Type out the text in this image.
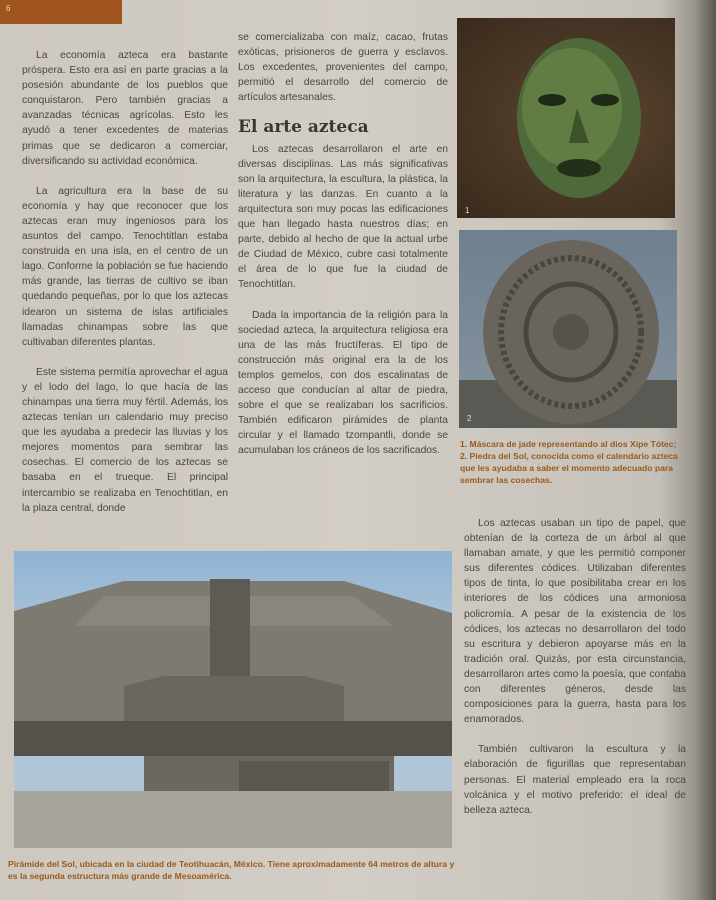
6

La economía azteca era bastante próspera. Esto era así en parte gracias a la posesión abundante de los pueblos que conquistaron. Pero también gracias a avanzadas técnicas agrícolas. Esto les ayudó a tener excedentes de materias primas que se dedicaron a comerciar, diversificando su actividad económica.

La agricultura era la base de su economía y hay que reconocer que los aztecas eran muy ingeniosos para los asuntos del campo. Tenochtitlan estaba construida en una isla, en el centro de un lago. Conforme la población se fue haciendo más grande, las tierras de cultivo se iban quedando pequeñas, por lo que los aztecas idearon un sistema de islas artificiales llamadas chinampas sobre las que cultivaban diferentes plantas.

Este sistema permitía aprovechar el agua y el lodo del lago, lo que hacía de las chinampas una tierra muy fértil. Además, los aztecas tenían un calendario muy preciso que les ayudaba a predecir las lluvias y los mejores momentos para sembrar las cosechas. El comercio de los aztecas se basaba en el trueque. El principal intercambio se realizaba en Tenochtitlan, en la plaza central, donde

se comercializaba con maíz, cacao, frutas exóticas, prisioneros de guerra y esclavos. Los excedentes, provenientes del campo, permitió el desarrollo del comercio de artículos artesanales.

El arte azteca

Los aztecas desarrollaron el arte en diversas disciplinas. Las más significativas son la arquitectura, la escultura, la plástica, la literatura y las danzas. En cuanto a la arquitectura son muy pocas las edificaciones que han llegado hasta nuestros días; en parte, debido al hecho de que la actual urbe de Ciudad de México, cubre casi totalmente el área de lo que fue la ciudad de Tenochtitlan.

Dada la importancia de la religión para la sociedad azteca, la arquitectura religiosa era una de las más fructíferas. El tipo de construcción más original era la de los templos gemelos, con dos escalinatas de acceso que conducían al altar de piedra, sobre el que se realizaban los sacrificios. También edificaron pirámides de planta circular y el llamado tzompantli, donde se acumulaban los cráneos de los sacrificados.

1
2
1. Máscara de jade representando al dios Xipe Tótec; 2. Piedra del Sol, conocida como el calendario azteca que les ayudaba a saber el momento adecuado para sembrar las cosechas.

Los aztecas usaban un tipo de papel, que obtenían de la corteza de un árbol al que llamaban amate, y que les permitió componer sus diferentes códices. Utilizaban diferentes tipos de tinta, lo que posibilitaba crear en los interiores de los códices una armoniosa policromía. A pesar de la existencia de los códices, los aztecas no desarrollaron del todo su escritura y debieron apoyarse más en la tradición oral. Quizás, por esta circunstancia, desarrollaron artes como la poesía, que contaba con diferentes géneros, desde las composiciones para la guerra, hasta para los enamorados.

También cultivaron la escultura y la elaboración de figurillas que representaban personas. El material empleado era la roca volcánica y el motivo preferido: el ideal de belleza azteca.

Pirámide del Sol, ubicada en la ciudad de Teotihuacán, México. Tiene aproximadamente 64 metros de altura y es la segunda estructura más grande de Mesoamérica.
